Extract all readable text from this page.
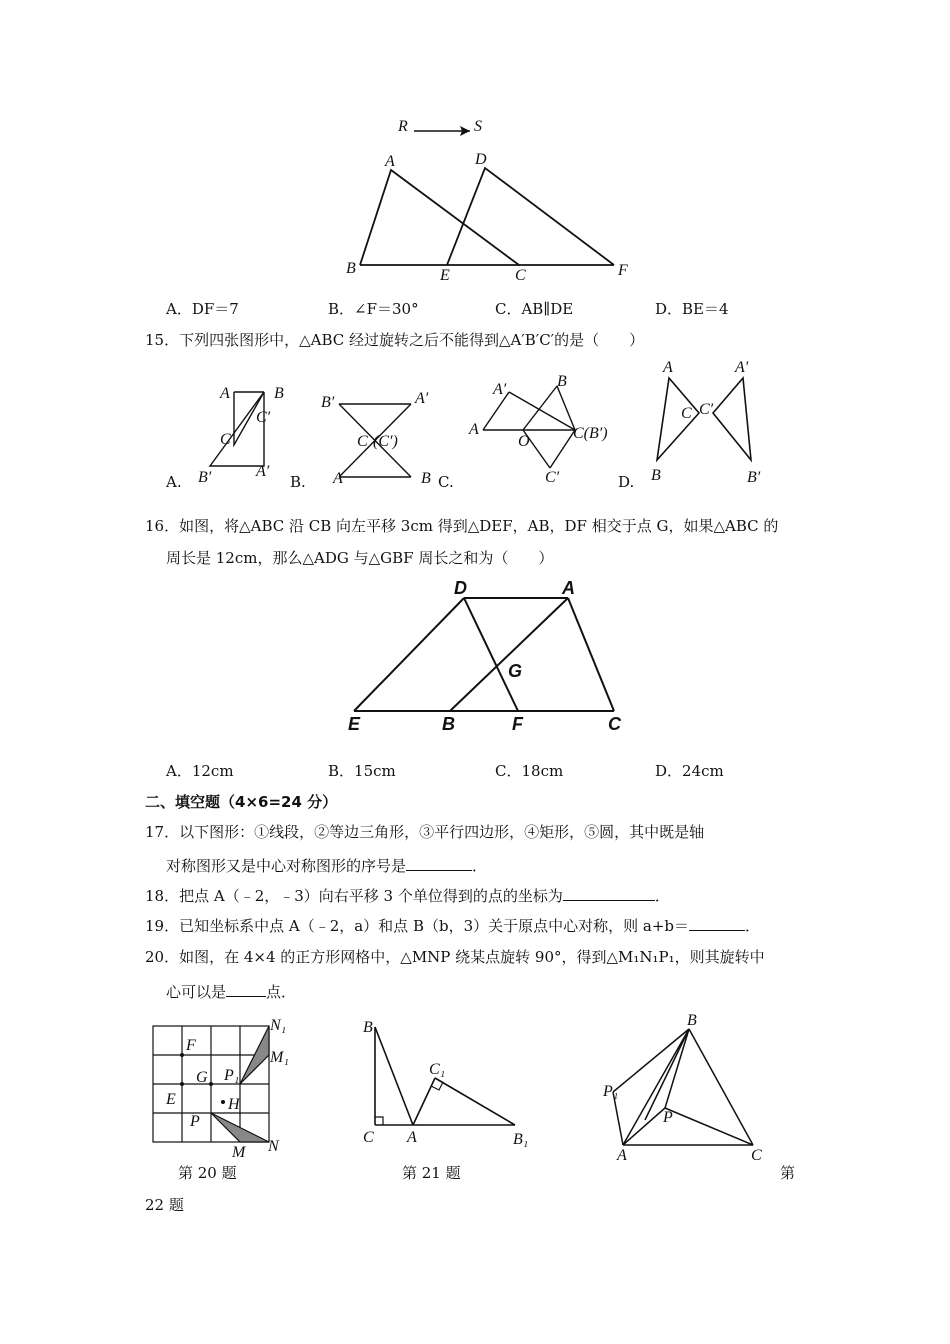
R	S
A	D
B	E	C	F
A．DF＝7	B．∠F＝30°	C．AB∥DE	D．BE＝4
15．下列四张图形中，△ABC 经过旋转之后不能得到△A′B′C′的是（　　）
A	B
C
C′
B′	A′
A.
B′	A′
C (C′)
A	B
B.	C.
A′	B
A
O	C(B′)
C′	D.
A	A′
C C′
B	B′
16．如图，将△ABC 沿 CB 向左平移 3cm 得到△DEF，AB，DF 相交于点 G，如果△ABC 的
周长是 12cm，那么△ADG 与△GBF 周长之和为（　　）
D	A
G
E	B	F	C
A．12cm	B．15cm	C．18cm	D．24cm
二、填空题（4×6=24 分）
17．以下图形：①线段，②等边三角形，③平行四边形，④矩形，⑤圆，其中既是轴
对称图形又是中心对称图形的序号是	．
18．把点 A（﹣2，﹣3）向右平移 3 个单位得到的点的坐标为	．
19．已知坐标系中点 A（﹣2，a）和点 B（b，3）关于原点中心对称，则 a+b＝	．
20．如图，在 4×4 的正方形网格中，△MNP 绕某点旋转 90°，得到△M₁N₁P₁，则其旋转中
心可以是	点．
F
G P₁
E	H
P
N₁
M₁
M N
第 20 题
B
C₁
C A	B₁
第 21 题
B
P₁
P
A	C
第
22 题
